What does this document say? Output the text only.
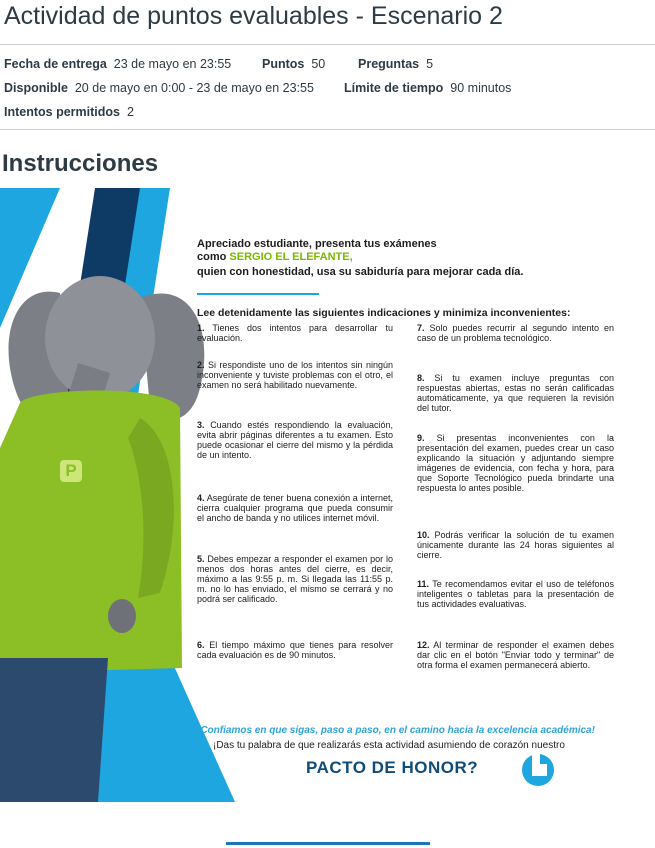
Actividad de puntos evaluables - Escenario 2
Fecha de entrega 23 de mayo en 23:55 Puntos 50	Preguntas 5
Disponible 20 de mayo en 0:00 - 23 de mayo en 23:55 Límite de tiempo 90 minutos
Intentos permitidos 2
Instrucciones
P
Apreciado estudiante, presenta tus exámenes
como SERGIO EL ELEFANTE,
quien con honestidad, usa su sabiduría para mejorar cada día.
Lee detenidamente las siguientes indicaciones y minimiza inconvenientes:
1. Tienes dos intentos para desarrollar tu evaluación.
2. Si respondiste uno de los intentos sin ningún inconveniente y tuviste problemas con el otro, el examen no será habilitado nuevamente.
3. Cuando estés respondiendo la evaluación, evita abrir páginas diferentes a tu examen. Esto puede ocasionar el cierre del mismo y la pérdida de un intento.
4. Asegúrate de tener buena conexión a internet, cierra cualquier programa que pueda consumir el ancho de banda y no utilices internet móvil.
5. Debes empezar a responder el examen por lo menos dos horas antes del cierre, es decir, máximo a las 9:55 p. m. Si llegada las 11:55 p. m. no lo has enviado, el mismo se cerrará y no podrá ser calificado.
6. El tiempo máximo que tienes para resolver cada evaluación es de 90 minutos.
7. Solo puedes recurrir al segundo intento en caso de un problema tecnológico.
8. Si tu examen incluye preguntas con respuestas abiertas, estas no serán calificadas automáticamente, ya que requieren la revisión del tutor.
9. Si presentas inconvenientes con la presentación del examen, puedes crear un caso explicando la situación y adjuntando siempre imágenes de evidencia, con fecha y hora, para que Soporte Tecnológico pueda brindarte una respuesta lo antes posible.
10. Podrás verificar la solución de tu examen únicamente durante las 24 horas siguientes al cierre.
11. Te recomendamos evitar el uso de teléfonos inteligentes o tabletas para la presentación de tus actividades evaluativas.
12. Al terminar de responder el examen debes dar clic en el botón "Enviar todo y terminar" de otra forma el examen permanecerá abierto.
¡Confiamos en que sigas, paso a paso, en el camino hacia la excelencia académica!
¡Das tu palabra de que realizarás esta actividad asumiendo de corazón nuestro
PACTO DE HONOR?
